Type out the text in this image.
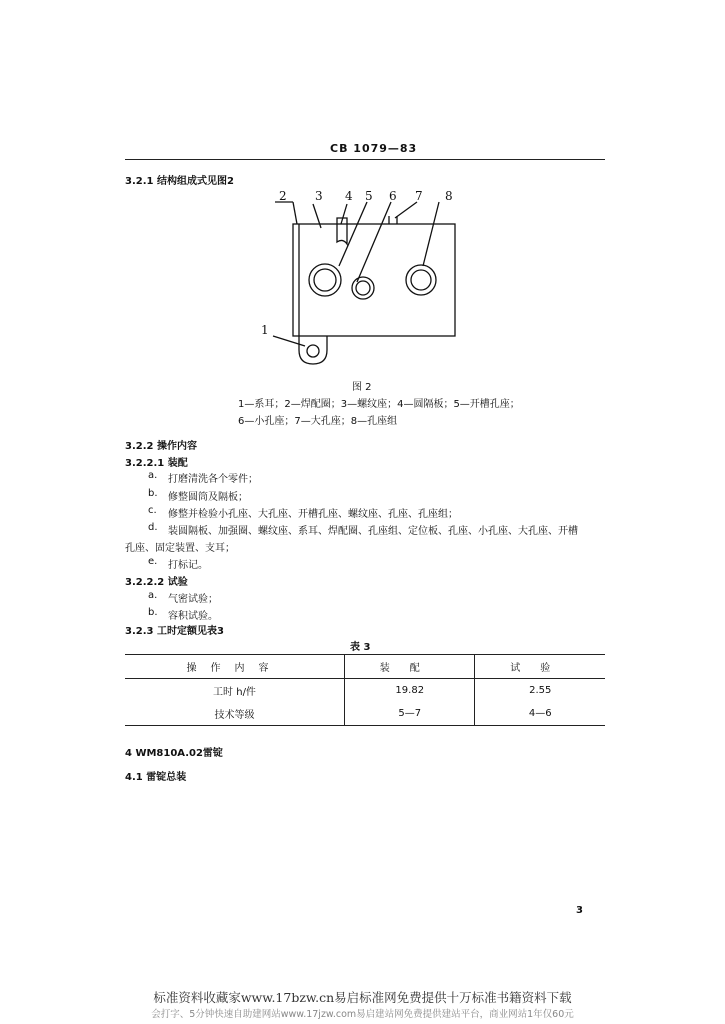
CB 1079—83
3.2.1 结构组成式见图2
2 3 4 5 6 7 8
1
图 2
1—系耳；2—焊配圈；3—螺纹座；4—圆隔板；5—开槽孔座；
6—小孔座；7—大孔座；8—孔座组
3.2.2 操作内容
3.2.2.1 装配
a. 打磨清洗各个零件；
b. 修整圆筒及隔板；
c. 修整并检验小孔座、大孔座、开槽孔座、螺纹座、孔座、孔座组；
d. 装圆隔板、加强圈、螺纹座、系耳、焊配圈、孔座组、定位板、孔座、小孔座、大孔座、开槽
孔座、固定装置、支耳；
e. 打标记。
3.2.2.2 试验
a. 气密试验；
b. 容积试验。
3.2.3 工时定额见表3
表 3
操作内容	装配	试验
工时 h/件	19.82	2.55
技术等级	5—7	4—6
4 WM810A.02雷锭
4.1 雷锭总装
3
标准资料收藏家www.17bzw.cn易启标准网免费提供十万标准书籍资料下载
会打字、5分钟快速自助建网站www.17jzw.com易启建站网免费提供建站平台，商业网站1年仅60元
